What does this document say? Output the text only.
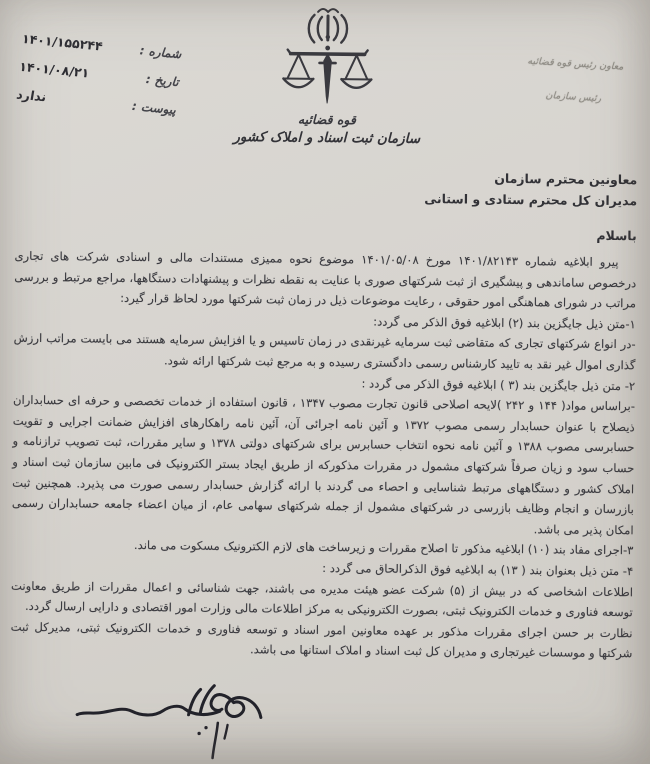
شماره :
۱۴۰۱/۱۵۵۲۴۴
تاریخ :
۱۴۰۱/۰۸/۲۱
پیوست :
ندارد
قوه قضائیه
سازمان ثبت اسناد و املاک کشور
معاون رئیس قوه قضائیه
رئیس سازمان
معاونین محترم سازمان
مدیران کل محترم ستادی و استانی
باسلام

پیرو ابلاغیه شماره ۱۴۰۱/۸۲۱۴۳ مورخ ۱۴۰۱/۰۵/۰۸ موضوع نحوه ممیزی مستندات مالی و اسنادی شرکت های تجاری درخصوص ساماندهی و پیشگیری از ثبت شرکتهای صوری با عنایت به نقطه نظرات و پیشنهادات دستگاهها، مراجع مرتبط و بررسی مراتب در شورای هماهنگی امور حقوقی ، رعایت موضوعات ذیل در زمان ثبت شرکتها مورد لحاظ قرار گیرد:

۱-متن ذیل جایگزین بند (۲) ابلاغیه فوق الذکر می گردد:

-در انواع شرکتهای تجاری که متقاضی ثبت سرمایه غیرنقدی در زمان تاسیس و یا افزایش سرمایه هستند می بایست مراتب ارزش گذاری اموال غیر نقد به تایید کارشناس رسمی دادگستری رسیده و به مرجع ثبت شرکتها ارائه شود.

۲- متن ذیل جایگزین بند (۳ ) ابلاغیه فوق الذکر می گردد :

-براساس مواد( ۱۴۴ و ۲۴۲ )لایحه اصلاحی قانون تجارت مصوب ۱۳۴۷ ، قانون استفاده از خدمات تخصصی و حرفه ای حسابداران ذیصلاح با عنوان حسابدار رسمی مصوب ۱۳۷۲ و آئین نامه اجرائی آن، آئین نامه راهکارهای افزایش ضمانت اجرایی و تقویت حسابرسی مصوب ۱۳۸۸ و آئین نامه نحوه انتخاب حسابرس برای شرکتهای دولتی ۱۳۷۸ و سایر مقررات، ثبت تصویب ترازنامه و حساب سود و زیان صرفاً شرکتهای مشمول در مقررات مذکورکه از طریق ایجاد بستر الکترونیک فی مابین سازمان ثبت اسناد و املاک کشور و دستگاههای مرتبط شناسایی و احصاء می گردند با ارائه گزارش حسابدار رسمی صورت می پذیرد. همچنین ثبت بازرسان و انجام وظایف بازرسی در شرکتهای مشمول از جمله شرکتهای سهامی عام، از میان اعضاء جامعه حسابداران رسمی امکان پذیر می باشد.

۳-اجرای مفاد بند (۱۰) ابلاغیه مذکور تا اصلاح مقررات و زیرساخت های لازم الکترونیک مسکوت می ماند.

۴- متن ذیل بعنوان بند ( ۱۳) به ابلاغیه فوق الذکرالحاق می گردد :

اطلاعات اشخاصی که در بیش از (۵) شرکت عضو هیئت مدیره می باشند، جهت شناسائی و اعمال مقررات از طریق معاونت توسعه فناوری و خدمات الکترونیک ثبتی، بصورت الکترونیکی به مرکز اطلاعات مالی وزارت امور اقتصادی و دارایی ارسال گردد.

نظارت بر حسن اجرای مقررات مذکور بر عهده معاونین امور اسناد و توسعه فناوری و خدمات الکترونیک ثبتی، مدیرکل ثبت شرکتها و موسسات غیرتجاری و مدیران کل ثبت اسناد و املاک استانها می باشد.
